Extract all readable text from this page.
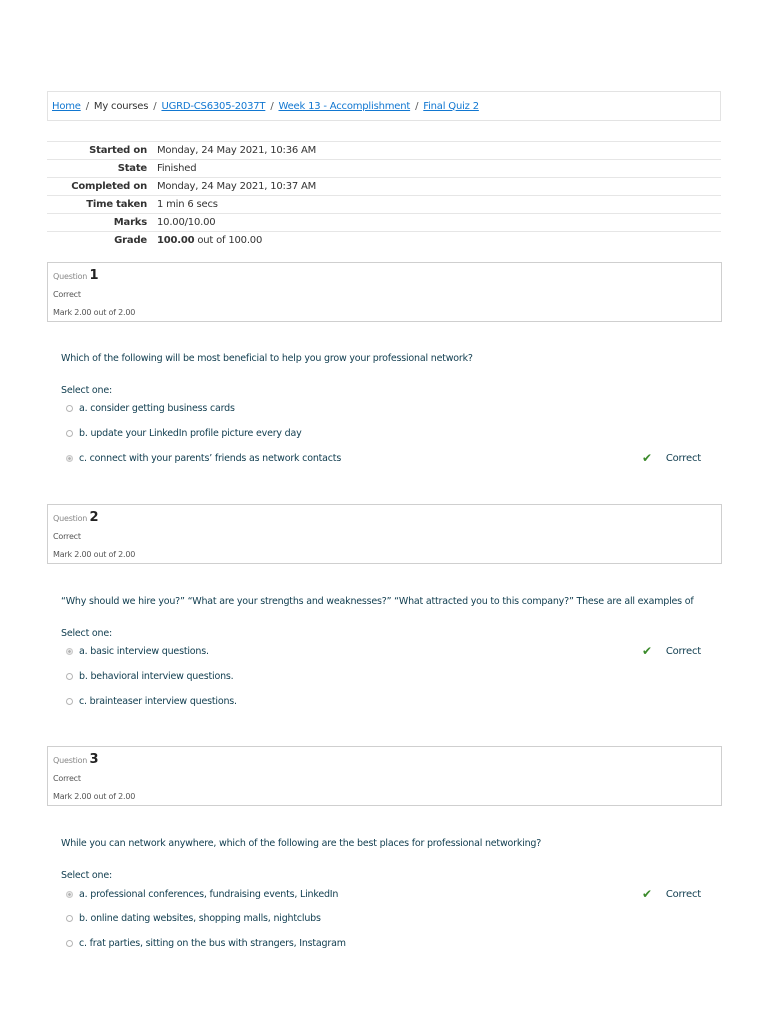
Home / My courses / UGRD-CS6305-2037T / Week 13 - Accomplishment / Final Quiz 2
Started on	Monday, 24 May 2021, 10:36 AM
State	Finished
Completed on	Monday, 24 May 2021, 10:37 AM
Time taken	1 min 6 secs
Marks	10.00/10.00
Grade	100.00 out of 100.00
Question 1
Correct
Mark 2.00 out of 2.00
Which of the following will be most beneficial to help you grow your professional network?
Select one:
a. consider getting business cards
b. update your LinkedIn profile picture every day
c. connect with your parents’ friends as network contacts	✔ Correct
Question 2
Correct
Mark 2.00 out of 2.00
“Why should we hire you?” “What are your strengths and weaknesses?” “What attracted you to this company?” These are all examples of
Select one:
a. basic interview questions.
b. behavioral interview questions.
c. brainteaser interview questions.
✔ Correct
Question 3
Correct
Mark 2.00 out of 2.00
While you can network anywhere, which of the following are the best places for professional networking?
Select one:
a. professional conferences, fundraising events, LinkedIn
b. online dating websites, shopping malls, nightclubs
c. frat parties, sitting on the bus with strangers, Instagram
✔ Correct
